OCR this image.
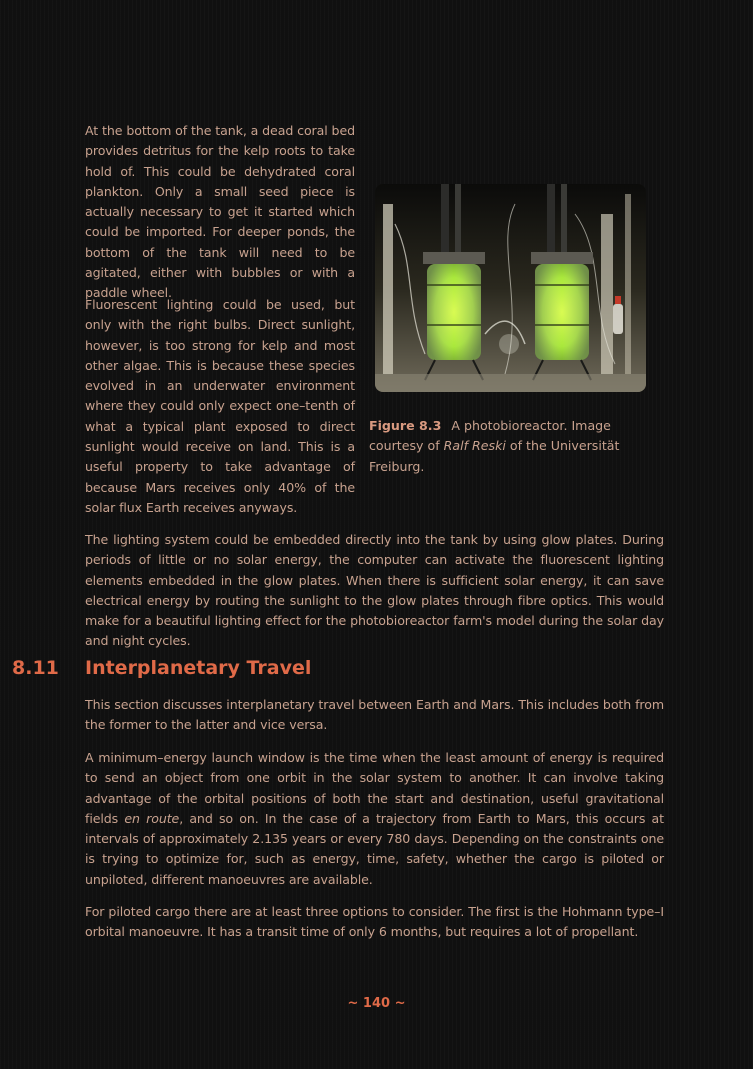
At the bottom of the tank, a dead coral bed provides detritus for the kelp roots to take hold of. This could be dehydrated coral plankton. Only a small seed piece is actually necessary to get it started which could be imported. For deeper ponds, the bottom of the tank will need to be agitated, either with bubbles or with a paddle wheel.

Fluorescent lighting could be used, but only with the right bulbs. Direct sunlight, however, is too strong for kelp and most other algae. This is because these species evolved in an underwater environment where they could only expect one–tenth of what a typical plant exposed to direct sunlight would receive on land. This is a useful property to take advantage of because Mars receives only 40% of the solar flux Earth receives anyways.

Figure 8.3 A photobioreactor. Image courtesy of Ralf Reski of the Universität Freiburg.

The lighting system could be embedded directly into the tank by using glow plates. During periods of little or no solar energy, the computer can activate the fluorescent lighting elements embedded in the glow plates. When there is sufficient solar energy, it can save electrical energy by routing the sunlight to the glow plates through fibre optics. This would make for a beautiful lighting effect for the photobioreactor farm's model during the solar day and night cycles.

8.11 Interplanetary Travel

This section discusses interplanetary travel between Earth and Mars. This includes both from the former to the latter and vice versa.

A minimum–energy launch window is the time when the least amount of energy is required to send an object from one orbit in the solar system to another. It can involve taking advantage of the orbital positions of both the start and destination, useful gravitational fields en route, and so on. In the case of a trajectory from Earth to Mars, this occurs at intervals of approximately 2.135 years or every 780 days. Depending on the constraints one is trying to optimize for, such as energy, time, safety, whether the cargo is piloted or unpiloted, different manoeuvres are available.

For piloted cargo there are at least three options to consider. The first is the Hohmann type–I orbital manoeuvre. It has a transit time of only 6 months, but requires a lot of propellant.

~ 140 ~
